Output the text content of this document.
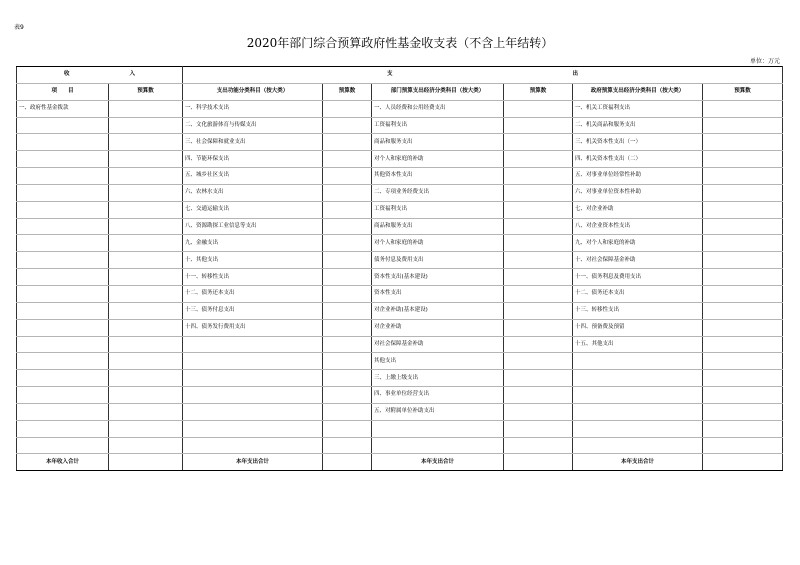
表9
2020年部门综合预算政府性基金收支表（不含上年结转）
单位：万元
收 入		支 出					
项　　目	预算数	支出功能分类科目（按大类）	预算数	部门预算支出经济分类科目（按大类）	预算数	政府预算支出经济分类科目（按大类）	预算数
一、政府性基金拨款		一、科学技术支出		一、人员经费和公用经费支出		一、机关工资福利支出	
		二、文化旅游体育与传媒支出		工资福利支出		二、机关商品和服务支出	
		三、社会保障和就业支出		商品和服务支出		三、机关资本性支出（一）	
		四、节能环保支出		对个人和家庭的补助		四、机关资本性支出（二）	
		五、城乡社区支出		其他资本性支出		五、对事业单位经常性补助	
		六、农林水支出		二、专项业务经费支出		六、对事业单位资本性补助	
		七、交通运输支出		工资福利支出		七、对企业补助	
		八、资源勘探工业信息等支出		商品和服务支出		八、对企业资本性支出	
		九、金融支出		对个人和家庭的补助		九、对个人和家庭的补助	
		十、其他支出		债务付息及费用支出		十、对社会保障基金补助	
		十一、转移性支出		资本性支出(基本建设)		十一、债务利息及费用支出	
		十二、债务还本支出		资本性支出		十二、债务还本支出	
		十三、债务付息支出		对企业补助(基本建设)		十三、转移性支出	
		十四、债务发行费用支出		对企业补助		十四、预备费及预留	
				对社会保障基金补助		十五、其他支出	
				其他支出			
				三、上缴上级支出			
				四、事业单位经营支出			
				五、对附属单位补助支出			

本年收入合计		本年支出合计		本年支出合计		本年支出合计	
